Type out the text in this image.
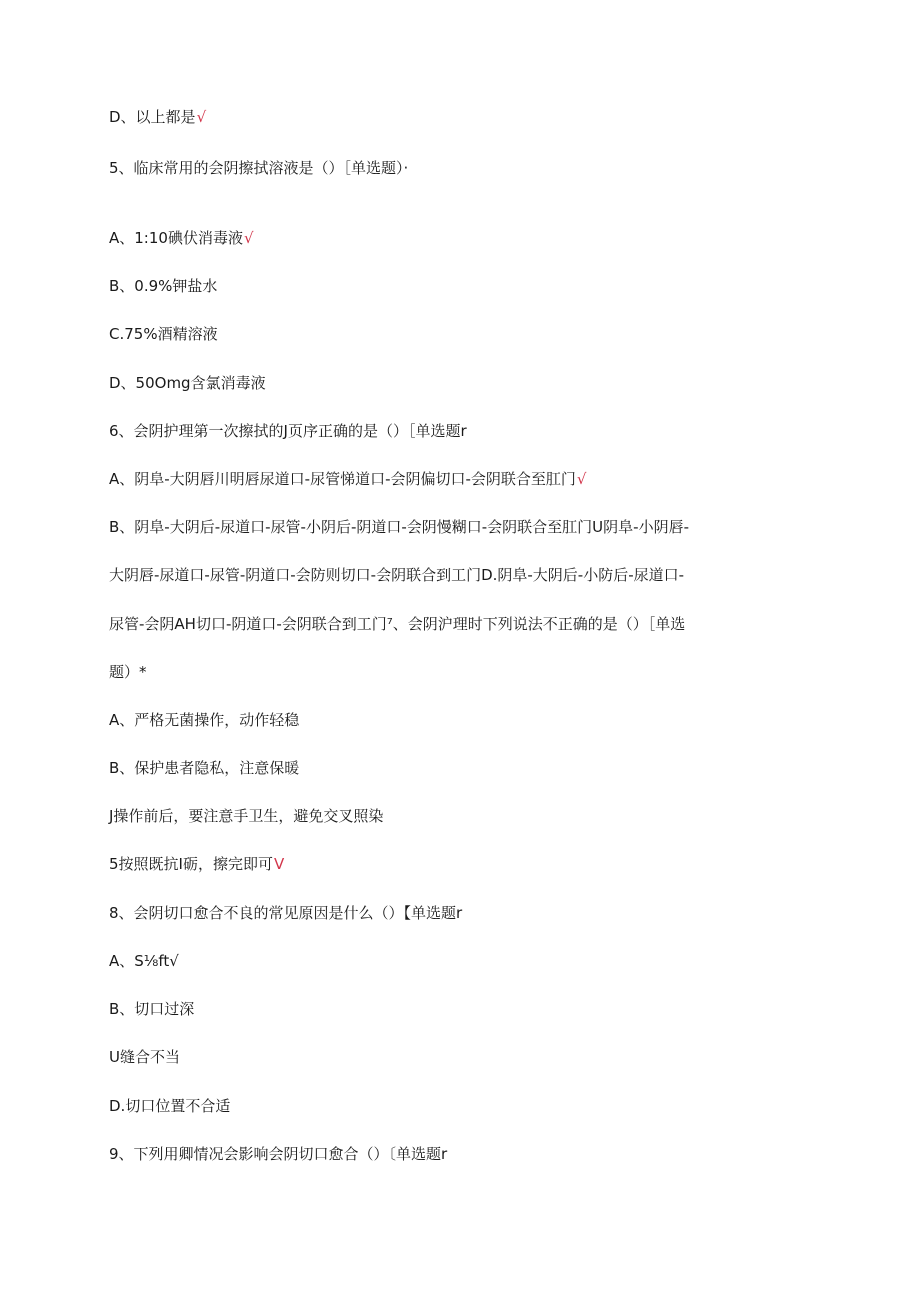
D、以上都是√
5、临床常用的会阴擦拭溶液是（）［单选题）·
A、1:10碘伏消毒液√
B、0.9%钾盐水
C.75%酒精溶液
D、50Omg含氯消毒液
6、会阴护理第一次擦拭的J页序正确的是（）［单选题r
A、阴阜-大阴唇川明唇尿道口-尿管悌道口-会阴偏切口-会阴联合至肛门√
B、阴阜-大阴后-尿道口-尿管-小阴后-阴道口-会阴慢糊口-会阴联合至肛门U阴阜-小阴唇-
大阴唇-尿道口-尿管-阴道口-会防则切口-会阴联合到工门D.阴阜-大阴后-小防后-尿道口-
尿管-会阴AH切口-阴道口-会阴联合到工门⁷、会阴沪理时下列说法不正确的是（）［单选
题）*
A、严格无菌操作，动作轻稳
B、保护患者隐私，注意保暖
J操作前后，要注意手卫生，避免交叉照染
5按照既抗I砺，擦完即可V
8、会阴切口愈合不良的常见原因是什么（）【单选题r
A、S⅛ft√
B、切口过深
U缝合不当
D.切口位置不合适
9、下列用卿情况会影响会阴切口愈合（）〔单选题r
